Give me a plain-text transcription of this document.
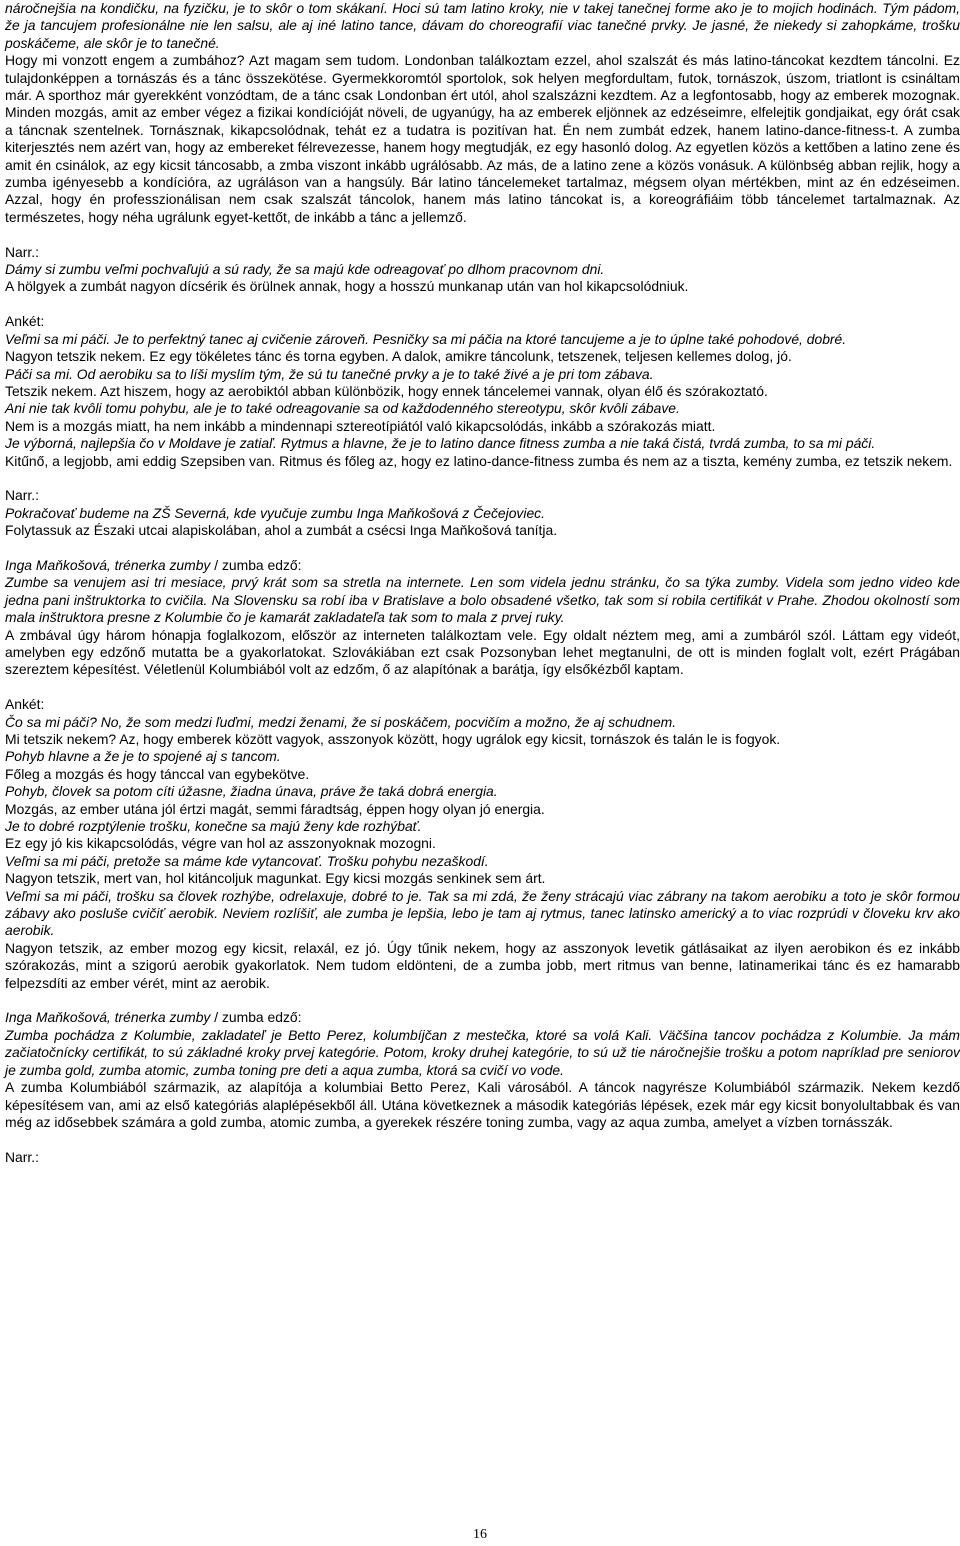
náročnejšia na kondičku, na fyzičku, je to skôr o tom skákaní. Hoci sú tam latino kroky, nie v takej tanečnej forme ako je to mojich hodinách. Tým pádom, že ja tancujem profesionálne nie len salsu, ale aj iné latino tance, dávam do choreografií viac tanečné prvky. Je jasné, že niekedy si zahopkáme, trošku poskáčeme, ale skôr je to tanečné.

Hogy mi vonzott engem a zumbához? Azt magam sem tudom. Londonban találkoztam ezzel, ahol szalszát és más latino-táncokat kezdtem táncolni. Ez tulajdonképpen a tornászás és a tánc összekötése. Gyermekkoromtól sportolok, sok helyen megfordultam, futok, tornászok, úszom, triatlont is csináltam már. A sporthoz már gyerekként vonzódtam, de a tánc csak Londonban ért utól, ahol szalszázni kezdtem. Az a legfontosabb, hogy az emberek mozognak. Minden mozgás, amit az ember végez a fizikai kondícióját növeli, de ugyanúgy, ha az emberek eljönnek az edzéseimre, elfelejtik gondjaikat, egy órát csak a táncnak szentelnek. Tornásznak, kikapcsolódnak, tehát ez a tudatra is pozitívan hat. Én nem zumbát edzek, hanem latino-dance-fitness-t. A zumba kiterjesztés nem azért van, hogy az embereket félrevezesse, hanem hogy megtudják, ez egy hasonló dolog. Az egyetlen közös a kettőben a latino zene és amit én csinálok, az egy kicsit táncosabb, a zmba viszont inkább ugrálósabb. Az más, de a latino zene a közös vonásuk. A különbség abban rejlik, hogy a zumba igényesebb a kondícióra, az ugráláson van a hangsúly. Bár latino táncelemeket tartalmaz, mégsem olyan mértékben, mint az én edzéseimen. Azzal, hogy én professzionálisan nem csak szalszát táncolok, hanem más latino táncokat is, a koreográfiáim több táncelemet tartalmaznak. Az természetes, hogy néha ugrálunk egyet-kettőt, de inkább a tánc a jellemző.

Narr.:

Dámy si zumbu veľmi pochvaľujú a sú rady, že sa majú kde odreagovať po dlhom pracovnom dni.

A hölgyek a zumbát nagyon dícsérik és örülnek annak, hogy a hosszú munkanap után van hol kikapcsolódniuk.

Ankét:

Veľmi sa mi páči. Je to perfektný tanec aj cvičenie zároveň. Pesničky sa mi páčia na ktoré tancujeme a je to úplne také pohodové, dobré.

Nagyon tetszik nekem. Ez egy tökéletes tánc és torna egyben. A dalok, amikre táncolunk, tetszenek, teljesen kellemes dolog, jó.

Páči sa mi. Od aerobiku sa to líši myslím tým, že sú tu tanečné prvky a je to také živé a je pri tom zábava.

Tetszik nekem. Azt hiszem, hogy az aerobiktól abban különbözik, hogy ennek táncelemei vannak, olyan élő és szórakoztató.

Ani nie tak kvôli tomu pohybu, ale je to také odreagovanie sa od každodenného stereotypu, skôr kvôli zábave.

Nem is a mozgás miatt, ha nem inkább a mindennapi sztereotípiától való kikapcsolódás, inkább a szórakozás miatt.

Je výborná, najlepšia čo v Moldave je zatiaľ. Rytmus a hlavne, že je to latino dance fitness zumba a nie taká čistá, tvrdá zumba, to sa mi páči.

Kitűnő, a legjobb, ami eddig Szepsiben van. Ritmus és főleg az, hogy ez latino-dance-fitness zumba és nem az a tiszta, kemény zumba, ez tetszik nekem.

Narr.:

Pokračovať budeme na ZŠ Severná, kde vyučuje zumbu Inga Maňkošová z Čečejoviec.

Folytassuk az Északi utcai alapiskolában, ahol a zumbát a csécsi Inga Maňkošová tanítja.

Inga Maňkošová, trénerka zumby / zumba edző:

Zumbe sa venujem asi tri mesiace, prvý krát som sa stretla na internete. Len som videla jednu stránku, čo sa týka zumby. Videla som jedno video kde jedna pani inštruktorka to cvičila. Na Slovensku sa robí iba v Bratislave a bolo obsadené všetko, tak som si robila certifikát v Prahe. Zhodou okolností som mala inštruktora presne z Kolumbie čo je kamarát zakladateľa tak som to mala z prvej ruky.

A zmbával úgy három hónapja foglalkozom, először az interneten találkoztam vele. Egy oldalt néztem meg, ami a zumbáról szól. Láttam egy videót, amelyben egy edzőnő mutatta be a gyakorlatokat. Szlovákiában ezt csak Pozsonyban lehet megtanulni, de ott is minden foglalt volt, ezért Prágában szereztem képesítést. Véletlenül Kolumbiából volt az edzőm, ő az alapítónak a barátja, így elsőkézből kaptam.

Ankét:

Čo sa mi páči? No, že som medzi ľuďmi, medzi ženami, že si poskáčem, pocvičím a možno, že aj schudnem.

Mi tetszik nekem? Az, hogy emberek között vagyok, asszonyok között, hogy ugrálok egy kicsit, tornászok és talán le is fogyok.

Pohyb hlavne a že je to spojené aj s tancom.

Főleg a mozgás és hogy tánccal van egybekötve.

Pohyb, človek sa potom cíti úžasne, žiadna únava, práve že taká dobrá energia.

Mozgás, az ember utána jól értzi magát, semmi fáradtság, éppen hogy olyan jó energia.

Je to dobré rozptýlenie trošku, konečne sa majú ženy kde rozhýbať.

Ez egy jó kis kikapcsolódás, végre van hol az asszonyoknak mozogni.

Veľmi sa mi páči, pretože sa máme kde vytancovať. Trošku pohybu nezaškodí.

Nagyon tetszik, mert van, hol kitáncoljuk magunkat. Egy kicsi mozgás senkinek sem árt.

Veľmi sa mi páči, trošku sa človek rozhýbe, odrelaxuje, dobré to je. Tak sa mi zdá, že ženy strácajú viac zábrany na takom aerobiku a toto je skôr formou zábavy ako posluše cvičiť aerobik. Neviem rozlíšiť, ale zumba je lepšia, lebo je tam aj rytmus, tanec latinsko americký a to viac rozprúdi v človeku krv ako aerobik.

Nagyon tetszik, az ember mozog egy kicsit, relaxál, ez jó. Úgy tűnik nekem, hogy az asszonyok levetik gátlásaikat az ilyen aerobikon és ez inkább szórakozás, mint a szigorú aerobik gyakorlatok. Nem tudom eldönteni, de a zumba jobb, mert ritmus van benne, latinamerikai tánc és ez hamarabb felpezsdíti az ember vérét, mint az aerobik.

Inga Maňkošová, trénerka zumby / zumba edző:

Zumba pochádza z Kolumbie, zakladateľ je Betto Perez, kolumbíjčan z mestečka, ktoré sa volá Kali. Väčšina tancov pochádza z Kolumbie. Ja mám začiatočnícky certifikát, to sú základné kroky prvej kategórie. Potom, kroky druhej kategórie, to sú už tie náročnejšie trošku a potom napríklad pre seniorov je zumba gold, zumba atomic, zumba toning pre deti a aqua zumba, ktorá sa cvičí vo vode.

A zumba Kolumbiából származik, az alapítója a kolumbiai Betto Perez, Kali városából. A táncok nagyrésze Kolumbiából származik. Nekem kezdő képesítésem van, ami az első kategóriás alaplépésekből áll. Utána következnek a második kategóriás lépések, ezek már egy kicsit bonyolultabbak és van még az idősebbek számára a gold zumba, atomic zumba, a gyerekek részére toning zumba, vagy az aqua zumba, amelyet a vízben tornásszák.

Narr.:

16
